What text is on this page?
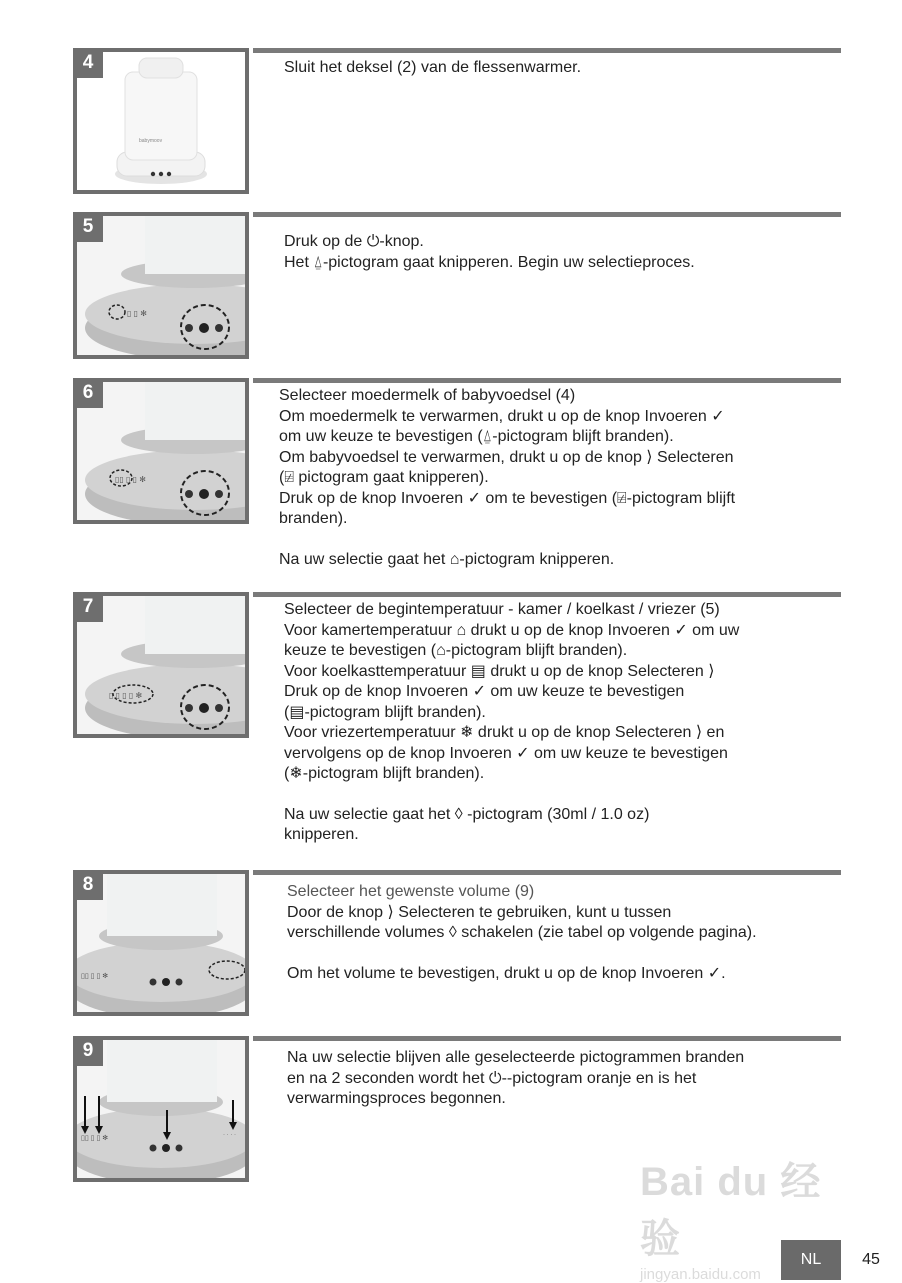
babymoov
4	Sluit het deksel (2) van de flessenwarmer.

▯ ▯ ✻
5

Druk op de ⏻-knop.

Het ⍙-pictogram gaat knipperen. Begin uw selectieproces.

▯▯ ▯ ▯ ✻
6	Selecteer moedermelk of babyvoedsel (4)

Om moedermelk te verwarmen, drukt u op de knop Invoeren ✓

om uw keuze te bevestigen (⍙-pictogram blijft branden).

Om babyvoedsel te verwarmen, drukt u op de knop ⟩ Selecteren

(⍯ pictogram gaat knipperen).

Druk op de knop Invoeren ✓ om te bevestigen (⍯-pictogram blijft

branden).

Na uw selectie gaat het ⌂-pictogram knipperen.

▯ ▯ ▯ ▯ ✻
7	Selecteer de begintemperatuur - kamer / koelkast / vriezer (5)

Voor kamertemperatuur ⌂ drukt u op de knop Invoeren ✓ om uw

keuze te bevestigen (⌂-pictogram blijft branden).

Voor koelkasttemperatuur ▤ drukt u op de knop Selecteren ⟩

Druk op de knop Invoeren ✓ om uw keuze te bevestigen

(▤-pictogram blijft branden).

Voor vriezertemperatuur ❄ drukt u op de knop Selecteren ⟩ en

vervolgens op de knop Invoeren ✓ om uw keuze te bevestigen

(❄-pictogram blijft branden).

Na uw selectie gaat het ◊ -pictogram (30ml / 1.0 oz)

knipperen.

▯▯ ▯ ▯ ✻
8	Selecteer het gewenste volume (9)

Door de knop ⟩ Selecteren te gebruiken, kunt u tussen

verschillende volumes ◊ schakelen (zie tabel op volgende pagina).

Om het volume te bevestigen, drukt u op de knop Invoeren ✓.

▯▯ ▯ ▯ ✻	· · · ·
9	Na uw selectie blijven alle geselecteerde pictogrammen branden

en na 2 seconden wordt het ⏻--pictogram oranje en is het

verwarmingsproces begonnen.

Bai du 经验
jingyan.baidu.com
NL	45
